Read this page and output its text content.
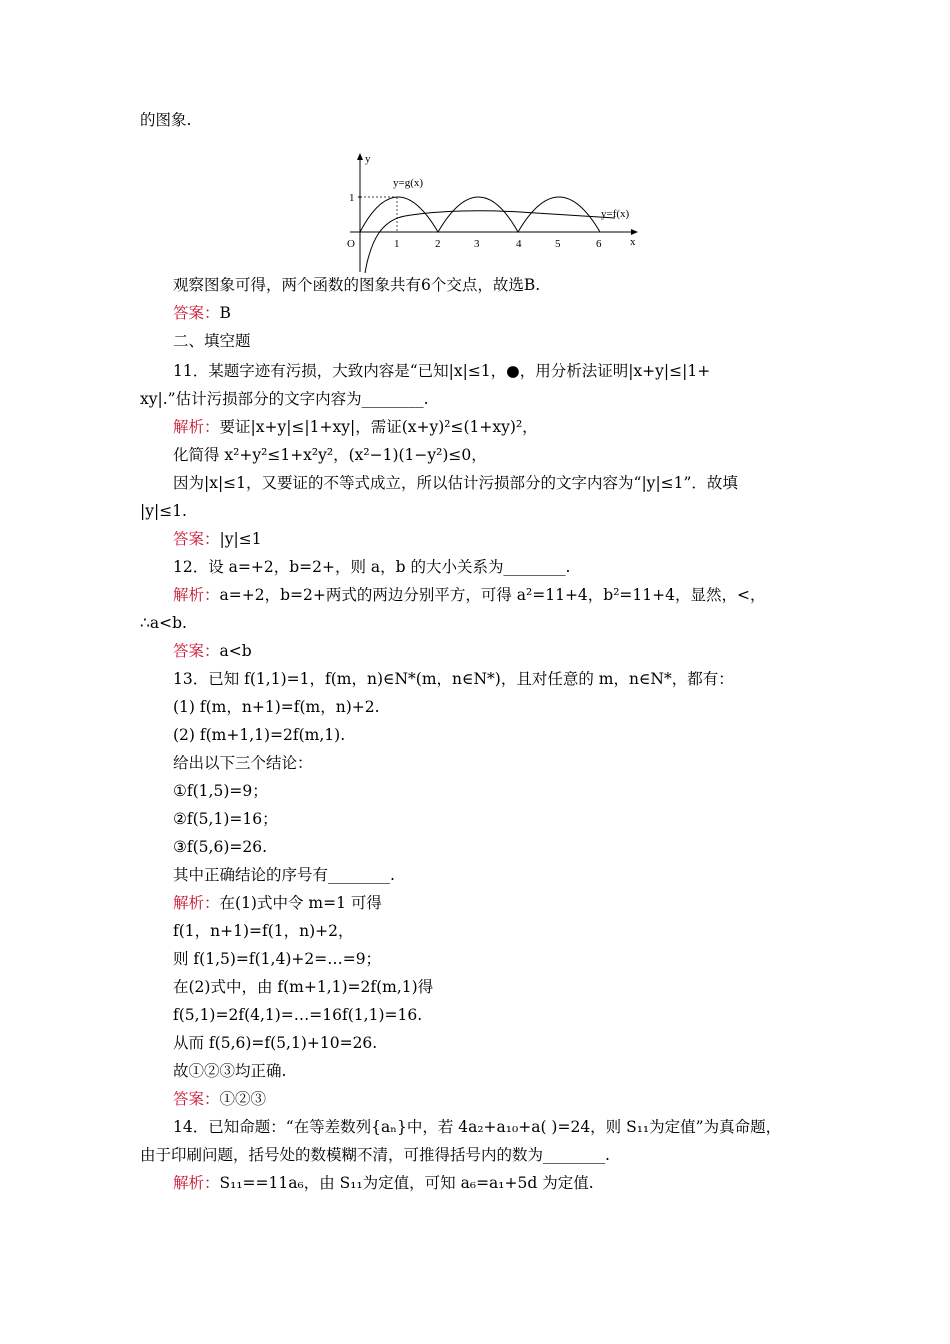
的图象.
观察图象可得，两个函数的图象共有6个交点，故选B.
答案：B
二、填空题
11．某题字迹有污损，大致内容是“已知|x|≤1，●，用分析法证明|x+y|≤|1+
xy|.”估计污损部分的文字内容为________.
解析：要证|x+y|≤|1+xy|，需证(x+y)²≤(1+xy)²，
化简得 x²+y²≤1+x²y²，(x²−1)(1−y²)≤0，
因为|x|≤1，又要证的不等式成立，所以估计污损部分的文字内容为“|y|≤1”．故填
|y|≤1.
答案：|y|≤1
12．设 a=+2，b=2+，则 a，b 的大小关系为________.
解析：a=+2，b=2+两式的两边分别平方，可得 a²=11+4，b²=11+4，显然，<，
∴a<b.
答案：a<b
13．已知 f(1,1)=1，f(m，n)∈N*(m，n∈N*)，且对任意的 m，n∈N*，都有：
(1) f(m，n+1)=f(m，n)+2.
(2) f(m+1,1)=2f(m,1).
给出以下三个结论：
①f(1,5)=9；
②f(5,1)=16；
③f(5,6)=26.
其中正确结论的序号有________.
解析：在(1)式中令 m=1 可得
f(1，n+1)=f(1，n)+2，
则 f(1,5)=f(1,4)+2=…=9；
在(2)式中，由 f(m+1,1)=2f(m,1)得
f(5,1)=2f(4,1)=…=16f(1,1)=16.
从而 f(5,6)=f(5,1)+10=26.
故①②③均正确.
答案：①②③
14．已知命题：“在等差数列{aₙ}中，若 4a₂+a₁₀+a( )=24，则 S₁₁为定值”为真命题，
由于印刷问题，括号处的数模糊不清，可推得括号内的数为________.
解析：S₁₁==11a₆，由 S₁₁为定值，可知 a₆=a₁+5d 为定值.
y
x
O
1
1	2	3	4	5	6
y=g(x)
y=f(x)
